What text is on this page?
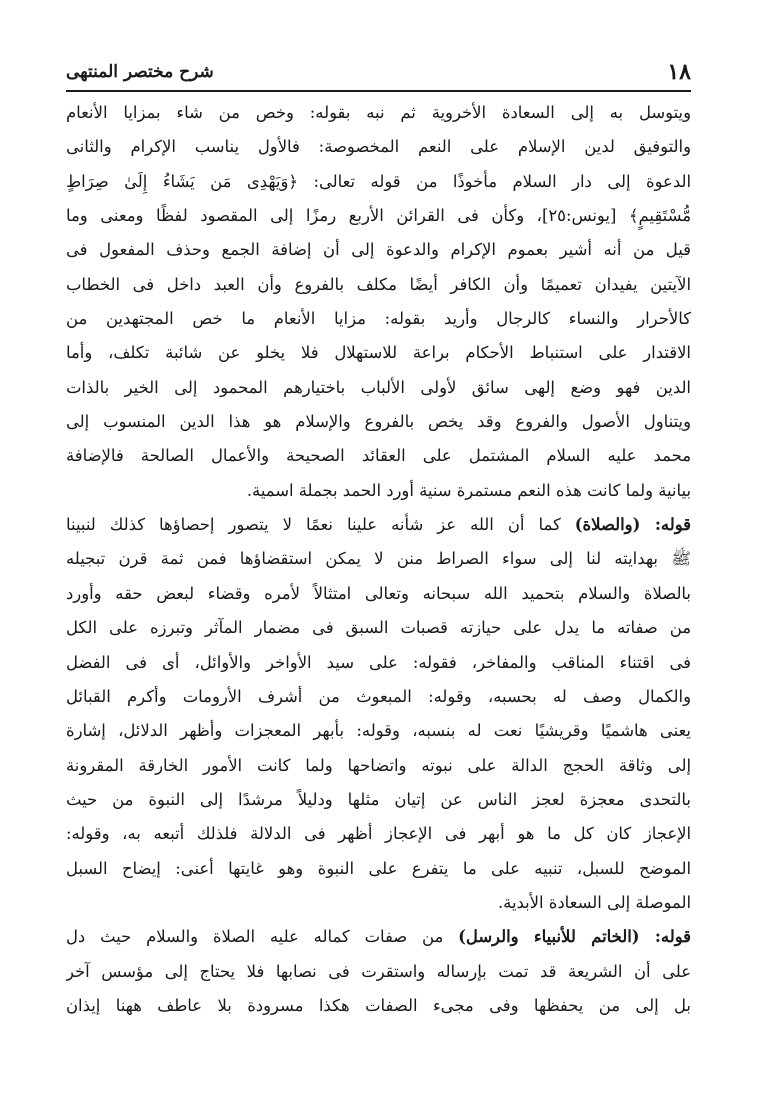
١٨
شرح مختصر المنتهى
ويتوسل به إلى السعادة الأخروية ثم نبه بقوله: وخص من شاء بمزايا الأنعام
والتوفيق لدين الإسلام على النعم المخصوصة: فالأول يناسب الإكرام والثانى
الدعوة إلى دار السلام مأخوذًا من قوله تعالى: ﴿وَيَهْدِى مَن يَشَاءُ إِلَىٰ صِرَاطٍ
مُّسْتَقِيمٍ﴾ [يونس:٢٥]، وكأن فى القرائن الأربع رمزًا إلى المقصود لفظًا ومعنى وما
قيل من أنه أشير بعموم الإكرام والدعوة إلى أن إضافة الجمع وحذف المفعول فى
الآيتين يفيدان تعميمًا وأن الكافر أيضًا مكلف بالفروع وأن العبد داخل فى الخطاب
كالأحرار والنساء كالرجال وأريد بقوله: مزايا الأنعام ما خص المجتهدين من
الاقتدار على استنباط الأحكام براعة للاستهلال فلا يخلو عن شائبة تكلف، وأما
الدين فهو وضع إلهى سائق لأولى الألباب باختيارهم المحمود إلى الخير بالذات
ويتناول الأصول والفروع وقد يخص بالفروع والإسلام هو هذا الدين المنسوب إلى
محمد عليه السلام المشتمل على العقائد الصحيحة والأعمال الصالحة فالإضافة
بيانية ولما كانت هذه النعم مستمرة سنية أورد الحمد بجملة اسمية.
قوله: (والصلاة) كما أن الله عز شأنه علينا نعمًا لا يتصور إحصاؤها كذلك لنبينا
ﷺ بهدايته لنا إلى سواء الصراط منن لا يمكن استقضاؤها فمن ثمة قرن تبجيله
بالصلاة والسلام بتحميد الله سبحانه وتعالى امتثالاً لأمره وقضاء لبعض حقه وأورد
من صفاته ما يدل على حيازته قصبات السبق فى مضمار المآثر وتبرزه على الكل
فى اقتناء المناقب والمفاخر، فقوله: على سيد الأواخر والأوائل، أى فى الفضل
والكمال وصف له بحسبه، وقوله: المبعوث من أشرف الأرومات وأكرم القبائل
يعنى هاشميًا وقريشيًا نعت له بنسبه، وقوله: بأبهر المعجزات وأظهر الدلائل، إشارة
إلى وثاقة الحجج الدالة على نبوته واتضاحها ولما كانت الأمور الخارقة المقرونة
بالتحدى معجزة لعجز الناس عن إتيان مثلها ودليلاً مرشدًا إلى النبوة من حيث
الإعجاز كان كل ما هو أبهر فى الإعجاز أظهر فى الدلالة فلذلك أتبعه به، وقوله:
الموضح للسبل، تنبيه على ما يتفرع على النبوة وهو غايتها أعنى: إيضاح السبل
الموصلة إلى السعادة الأبدية.
قوله: (الخاتم للأنبياء والرسل) من صفات كماله عليه الصلاة والسلام حيث دل
على أن الشريعة قد تمت بإرساله واستقرت فى نصابها فلا يحتاج إلى مؤسس آخر
بل إلى من يحفظها وفى مجىء الصفات هكذا مسرودة بلا عاطف ههنا إيذان
